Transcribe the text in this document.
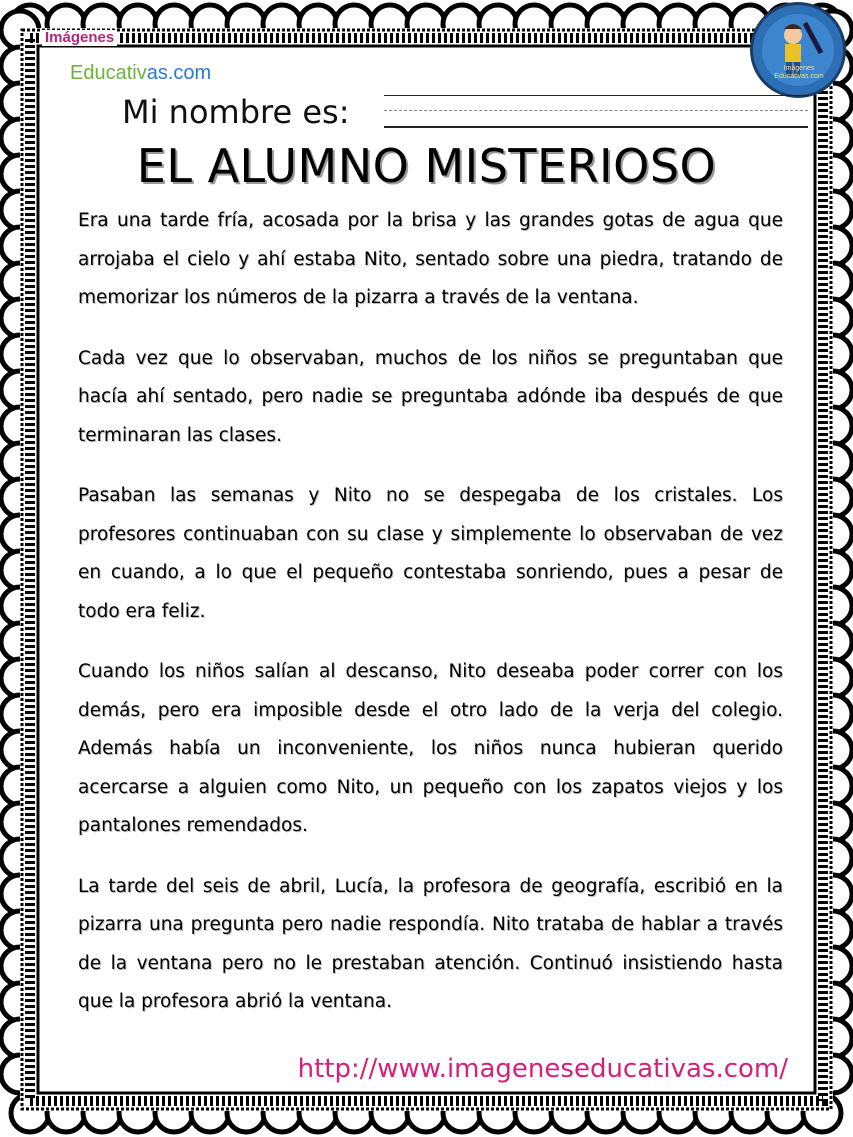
Imágenes
Educativas.com	Imágenes Educativas.com
Mi nombre es:
EL ALUMNO MISTERIOSO

Era una tarde fría, acosada por la brisa y las grandes gotas de agua que arrojaba el cielo y ahí estaba Nito, sentado sobre una piedra, tratando de memorizar los números de la pizarra a través de la ventana.

Cada vez que lo observaban, muchos de los niños se preguntaban que hacía ahí sentado, pero nadie se preguntaba adónde iba después de que terminaran las clases.

Pasaban las semanas y Nito no se despegaba de los cristales. Los profesores continuaban con su clase y simplemente lo observaban de vez en cuando, a lo que el pequeño contestaba sonriendo, pues a pesar de todo era feliz.

Cuando los niños salían al descanso, Nito deseaba poder correr con los demás, pero era imposible desde el otro lado de la verja del colegio. Además había un inconveniente, los niños nunca hubieran querido acercarse a alguien como Nito, un pequeño con los zapatos viejos y los pantalones remendados.

La tarde del seis de abril, Lucía, la profesora de geografía, escribió en la pizarra una pregunta pero nadie respondía. Nito trataba de hablar a través de la ventana pero no le prestaban atención. Continuó insistiendo hasta que la profesora abrió la ventana.

http://www.imageneseducativas.com/
